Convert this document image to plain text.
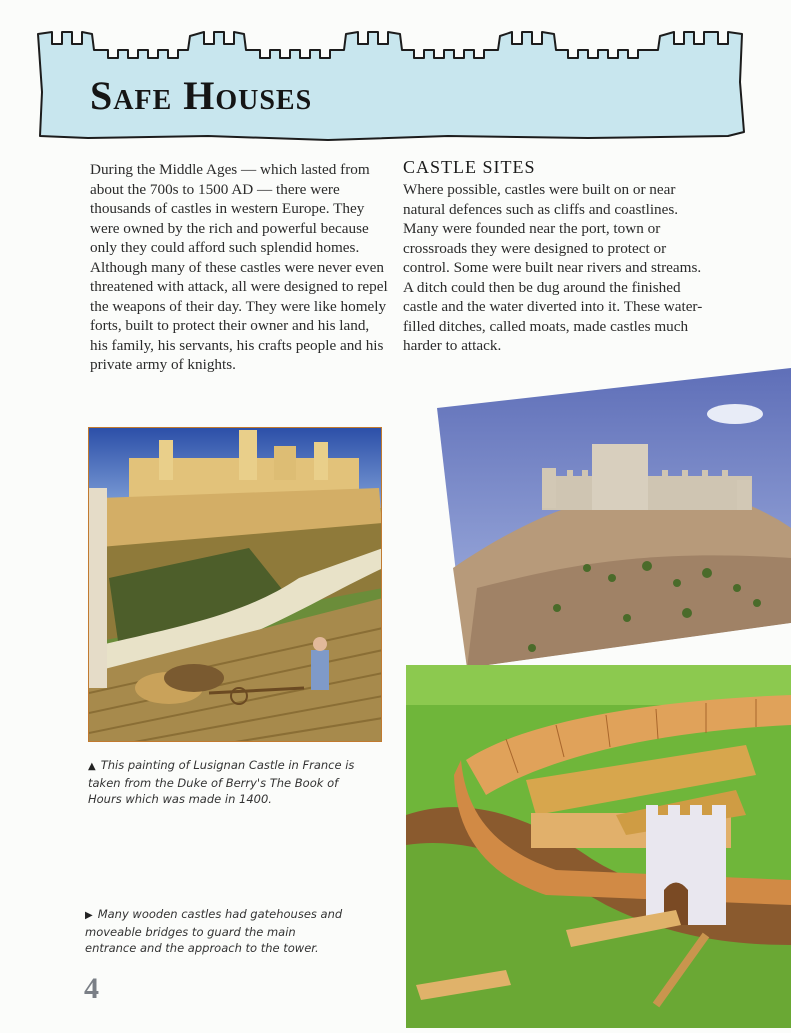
Safe Houses

During the Middle Ages — which lasted from about the 700s to 1500 AD — there were thousands of castles in western Europe. They were owned by the rich and powerful because only they could afford such splendid homes. Although many of these castles were never even threatened with attack, all were designed to repel the weapons of their day. They were like homely forts, built to protect their owner and his land, his family, his servants, his crafts people and his private army of knights.

CASTLE SITES

Where possible, castles were built on or near natural defences such as cliffs and coastlines. Many were founded near the port, town or crossroads they were designed to protect or control. Some were built near rivers and streams. A ditch could then be dug around the finished castle and the water diverted into it. These water-filled ditches, called moats, made castles much harder to attack.

▲ This painting of Lusignan Castle in France is taken from the Duke of Berry's The Book of Hours which was made in 1400.
▶ Many wooden castles had gatehouses and moveable bridges to guard the main entrance and the approach to the tower.
4
